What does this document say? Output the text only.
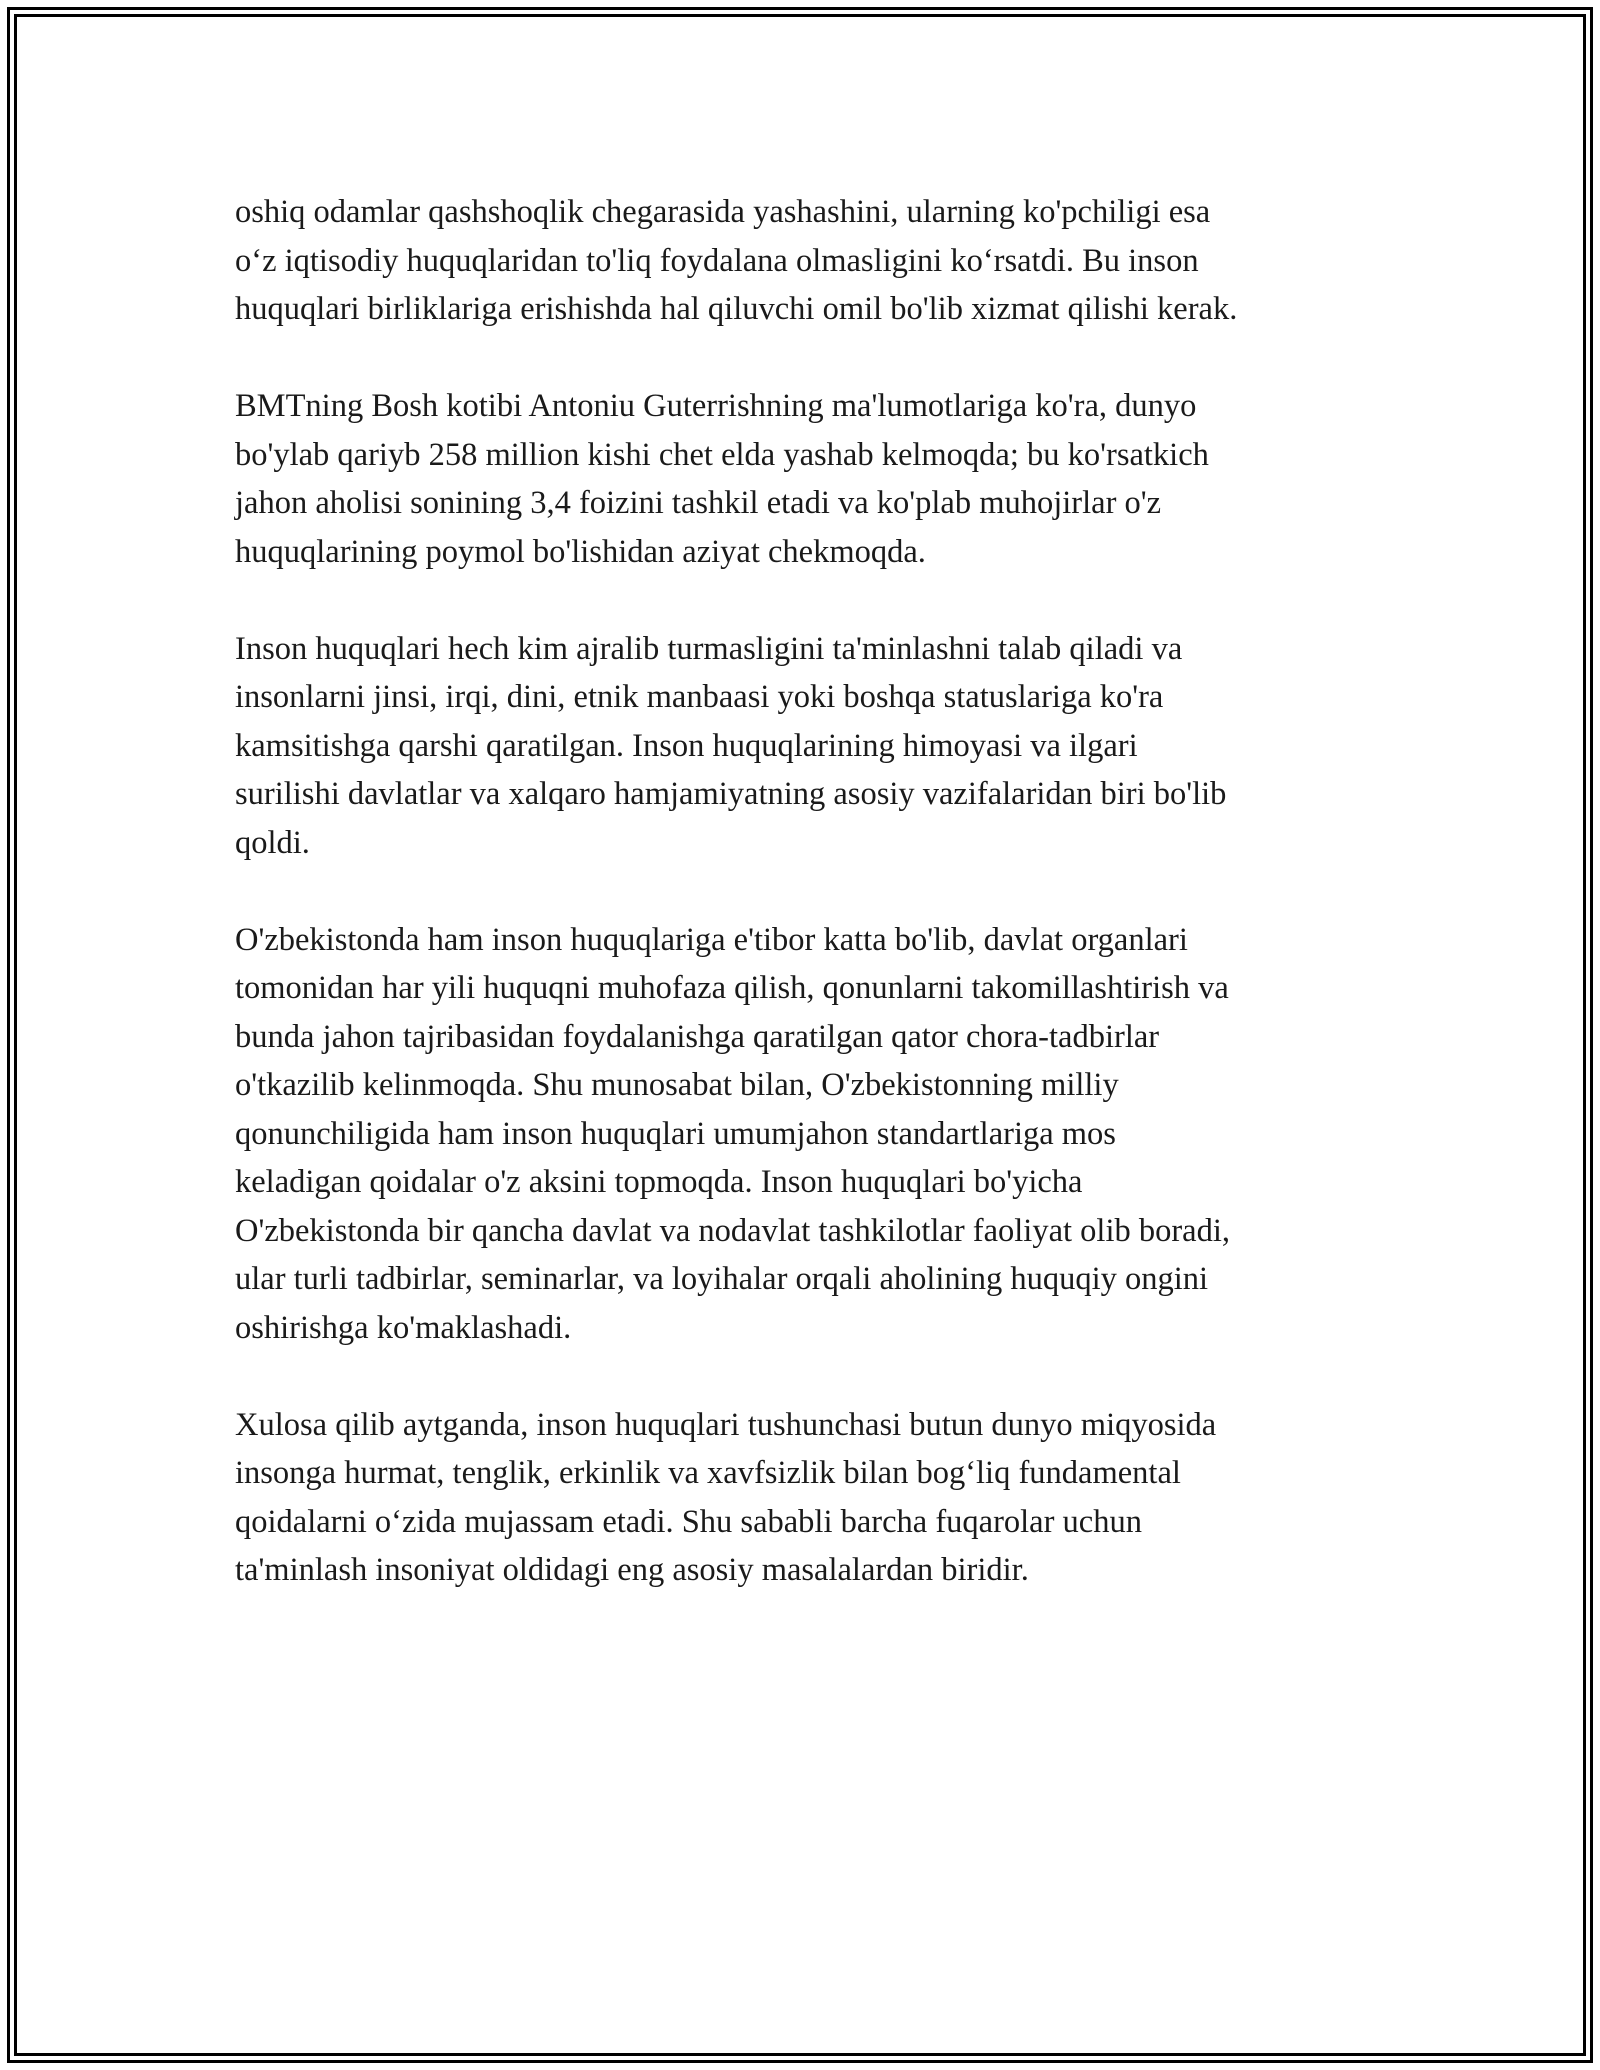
oshiq odamlar qashshoqlik chegarasida yashashini, ularning ko'pchiligi esa
o‘z iqtisodiy huquqlaridan to'liq foydalana olmasligini ko‘rsatdi. Bu inson
huquqlari birliklariga erishishda hal qiluvchi omil bo'lib xizmat qilishi kerak.

BMTning Bosh kotibi Antoniu Guterrishning ma'lumotlariga ko'ra, dunyo
bo'ylab qariyb 258 million kishi chet elda yashab kelmoqda; bu ko'rsatkich
jahon aholisi sonining 3,4 foizini tashkil etadi va ko'plab muhojirlar o'z
huquqlarining poymol bo'lishidan aziyat chekmoqda.

Inson huquqlari hech kim ajralib turmasligini ta'minlashni talab qiladi va
insonlarni jinsi, irqi, dini, etnik manbaasi yoki boshqa statuslariga ko'ra
kamsitishga qarshi qaratilgan. Inson huquqlarining himoyasi va ilgari
surilishi davlatlar va xalqaro hamjamiyatning asosiy vazifalaridan biri bo'lib
qoldi.

O'zbekistonda ham inson huquqlariga e'tibor katta bo'lib, davlat organlari
tomonidan har yili huquqni muhofaza qilish, qonunlarni takomillashtirish va
bunda jahon tajribasidan foydalanishga qaratilgan qator chora-tadbirlar
o'tkazilib kelinmoqda. Shu munosabat bilan, O'zbekistonning milliy
qonunchiligida ham inson huquqlari umumjahon standartlariga mos
keladigan qoidalar o'z aksini topmoqda. Inson huquqlari bo'yicha
O'zbekistonda bir qancha davlat va nodavlat tashkilotlar faoliyat olib boradi,
ular turli tadbirlar, seminarlar, va loyihalar orqali aholining huquqiy ongini
oshirishga ko'maklashadi.

Xulosa qilib aytganda, inson huquqlari tushunchasi butun dunyo miqyosida
insonga hurmat, tenglik, erkinlik va xavfsizlik bilan bog‘liq fundamental
qoidalarni o‘zida mujassam etadi. Shu sababli barcha fuqarolar uchun
ta'minlash insoniyat oldidagi eng asosiy masalalardan biridir.
